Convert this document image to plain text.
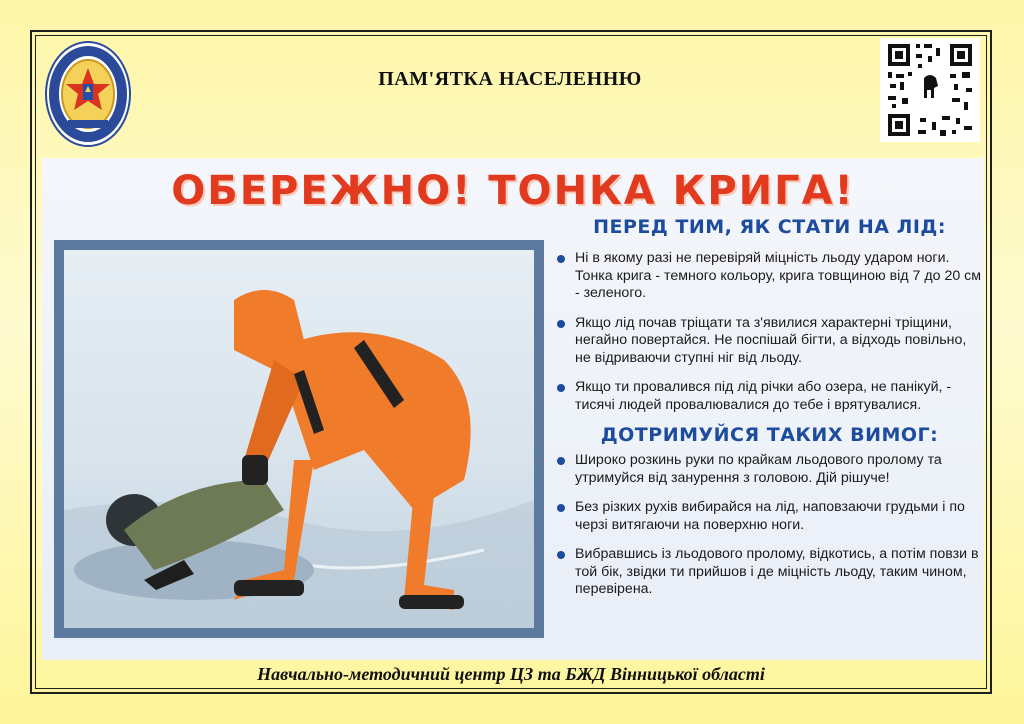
ПАМ'ЯТКА НАСЕЛЕННЮ
ОБЕРЕЖНО! ТОНКА КРИГА!
ПЕРЕД ТИМ, ЯК СТАТИ НА ЛІД:
Ні в якому разі не перевіряй міцність льоду ударом ноги. Тонка крига - темного кольору, крига товщиною від 7 до 20 см - зеленого.
Якщо лід почав тріщати та з'явилися характерні тріщини, негайно повертайся. Не поспішай бігти, а відходь повільно, не відриваючи ступні ніг від льоду.
Якщо ти провалився під лід річки або озера, не панікуй, - тисячі людей провалювалися до тебе і врятувалися.
ДОТРИМУЙСЯ ТАКИХ ВИМОГ:
Широко розкинь руки по крайкам льодового пролому та утримуйся від занурення з головою. Дій рішуче!
Без різких рухів вибирайся на лід, наповзаючи грудьми і по черзі витягаючи на поверхню ноги.
Вибравшись із льодового пролому, відкотись, а потім повзи в той бік, звідки ти прийшов і де міцність льоду, таким чином, перевірена.
Навчально-методичний центр ЦЗ та БЖД Вінницької області
